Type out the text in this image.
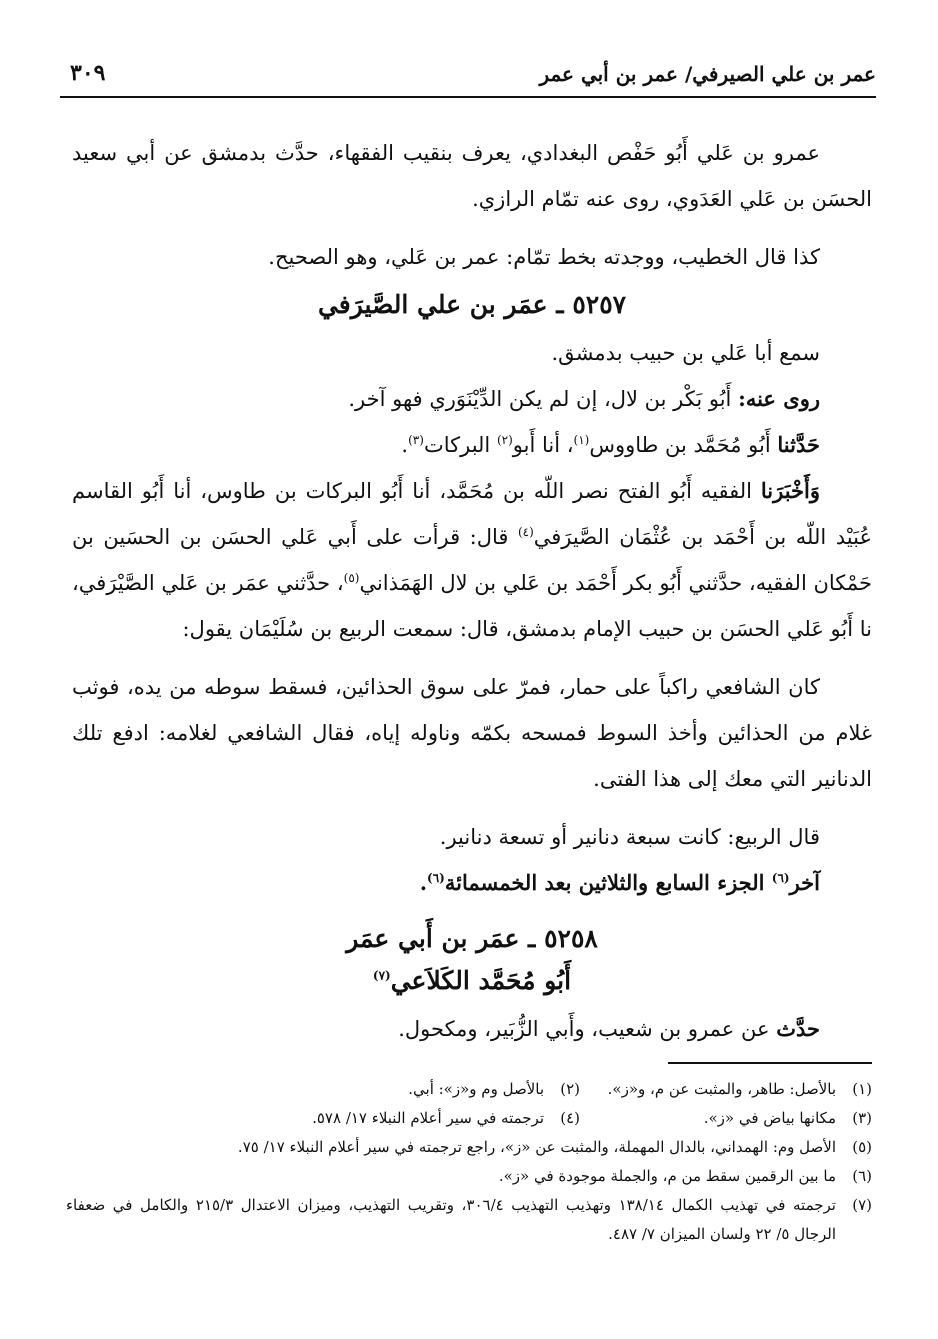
عمر بن علي الصيرفي/ عمر بن أبي عمر
٣٠٩

عمرو بن عَلي أَبُو حَفْص البغدادي، يعرف بنقيب الفقهاء، حدَّث بدمشق عن أبي سعيد الحسَن بن عَلي العَدَوي، روى عنه تمّام الرازي.

كذا قال الخطيب، ووجدته بخط تمّام: عمر بن عَلي، وهو الصحيح.

٥٢٥٧ ـ عمَر بن علي الصَّيرَفي

سمع أبا عَلي بن حبيب بدمشق.

روى عنه: أَبُو بَكْر بن لال، إن لم يكن الدِّيْنَوَري فهو آخر.

حَدَّثنا أَبُو مُحَمَّد بن طاووس$^{(١)}$، أنا أَبو$^{(٢)}$ البركات$^{(٣)}$.

وَأَخْبَرَنا الفقيه أَبُو الفتح نصر اللّه بن مُحَمَّد، أنا أَبُو البركات بن طاوس، أنا أَبُو القاسم عُبَيْد اللّه بن أَحْمَد بن عُثْمَان الصَّيرَفي$^{(٤)}$ قال: قرأت على أَبي عَلي الحسَن بن الحسَين بن حَمْكان الفقيه، حدَّثني أَبُو بكر أَحْمَد بن عَلي بن لال الهَمَذاني$^{(٥)}$، حدَّثني عمَر بن عَلي الصَّيْرَفي، نا أَبُو عَلي الحسَن بن حبيب الإمام بدمشق، قال: سمعت الربيع بن سُلَيْمَان يقول:

كان الشافعي راكباً على حمار، فمرّ على سوق الحذائين، فسقط سوطه من يده، فوثب غلام من الحذائين وأخذ السوط فمسحه بكمّه وناوله إياه، فقال الشافعي لغلامه: ادفع تلك الدنانير التي معك إلى هذا الفتى.

قال الربيع: كانت سبعة دنانير أو تسعة دنانير.

آخر$^{(٦)}$ الجزء السابع والثلاثين بعد الخمسمائة$^{(٦)}$.

٥٢٥٨ ـ عمَر بن أَبي عمَر

أَبُو مُحَمَّد الكَلاَعي$^{(٧)}$

حدَّث عن عمرو بن شعيب، وأَبي الزُّبَير، ومكحول.

(١)
بالأصل: طاهر، والمثبت عن م، و«ز».
(٢)
بالأصل وم و«ز»: أبي.
(٣)
مكانها بياض في «ز».
(٤)
ترجمته في سير أعلام النبلاء ١٧/ ٥٧٨.
(٥)
الأصل وم: الهمداني، بالدال المهملة، والمثبت عن «ز»، راجع ترجمته في سير أعلام النبلاء ١٧/ ٧٥.
(٦)
ما بين الرقمين سقط من م، والجملة موجودة في «ز».
(٧)
ترجمته في تهذيب الكمال ١٣٨/١٤ وتهذيب التهذيب ٣٠٦/٤، وتقريب التهذيب، وميزان الاعتدال ٢١٥/٣ والكامل في ضعفاء الرجال ٥/ ٢٢ ولسان الميزان ٧/ ٤٨٧.
